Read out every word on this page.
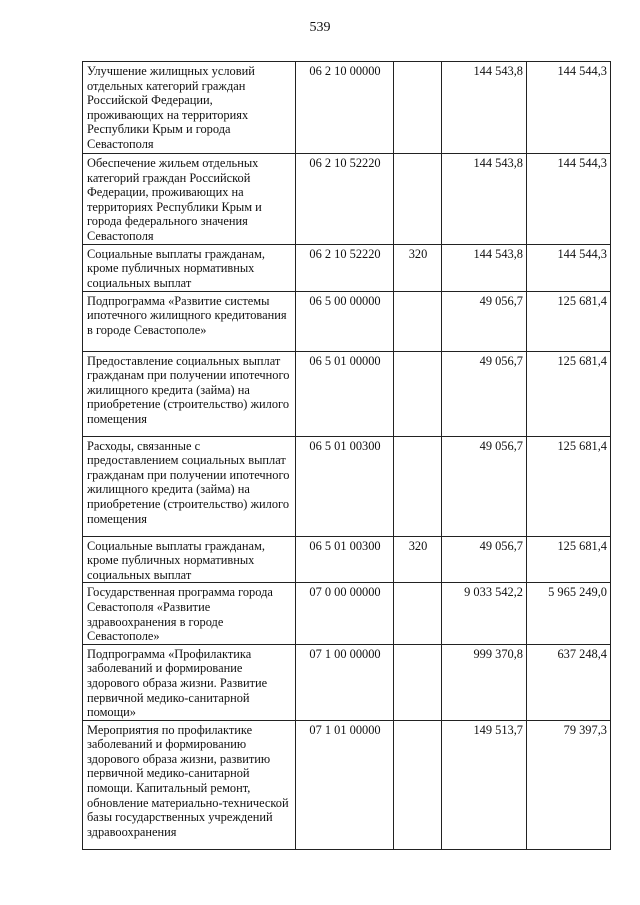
539
Улучшение жилищных условий отдельных категорий граждан Российской Федерации, проживающих на территориях Республики Крым и города Севастополя	06 2 10 00000		144 543,8	144 544,3
Обеспечение жильем отдельных категорий граждан Российской Федерации, проживающих на территориях Республики Крым и города федерального значения Севастополя	06 2 10 52220		144 543,8	144 544,3
Социальные выплаты гражданам, кроме публичных нормативных социальных выплат	06 2 10 52220	320	144 543,8	144 544,3
Подпрограмма «Развитие системы ипотечного жилищного кредитования в городе Севастополе»	06 5 00 00000		49 056,7	125 681,4
Предоставление социальных выплат гражданам при получении ипотечного жилищного кредита (займа) на приобретение (строительство) жилого помещения	06 5 01 00000		49 056,7	125 681,4
Расходы, связанные с предоставлением социальных выплат гражданам при получении ипотечного жилищного кредита (займа) на приобретение (строительство) жилого помещения	06 5 01 00300		49 056,7	125 681,4
Социальные выплаты гражданам, кроме публичных нормативных социальных выплат	06 5 01 00300	320	49 056,7	125 681,4
Государственная программа города Севастополя «Развитие здравоохранения в городе Севастополе»	07 0 00 00000		9 033 542,2	5 965 249,0
Подпрограмма «Профилактика заболеваний и формирование здорового образа жизни. Развитие первичной медико-санитарной помощи»	07 1 00 00000		999 370,8	637 248,4
Мероприятия по профилактике заболеваний и формированию здорового образа жизни, развитию первичной медико-санитарной помощи. Капитальный ремонт, обновление материально-технической базы государственных учреждений здравоохранения	07 1 01 00000		149 513,7	79 397,3
